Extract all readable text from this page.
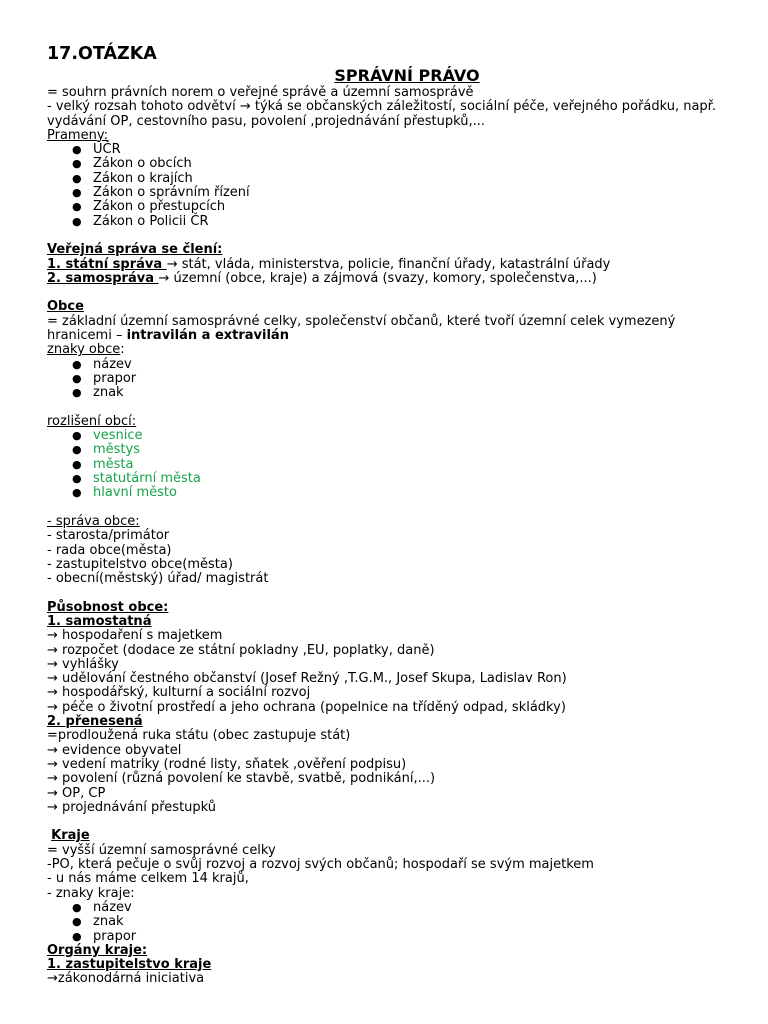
17.OTÁZKA
SPRÁVNÍ PRÁVO
= souhrn právních norem o veřejné správě a územní samosprávě
- velký rozsah tohoto odvětví → týká se občanských záležitostí, sociální péče, veřejného pořádku, např.
vydávání OP, cestovního pasu, povolení ,projednávání přestupků,...
Prameny:
● ÚČR
● Zákon o obcích
● Zákon o krajích
● Zákon o správním řízení
● Zákon o přestupcích
● Zákon o Policii ČR
Veřejná správa se člení:
1. státní správa → stát, vláda, ministerstva, policie, finanční úřady, katastrální úřady
2. samospráva → územní (obce, kraje) a zájmová (svazy, komory, společenstva,...)
Obce
= základní územní samosprávné celky, společenství občanů, které tvoří územní celek vymezený
hranicemi – intravilán a extravilán
znaky obce:
● název
● prapor
● znak
rozlišení obcí:
● vesnice
● městys
● města
● statutární města
● hlavní město
- správa obce:
- starosta/primátor
- rada obce(města)
- zastupitelstvo obce(města)
- obecní(městský) úřad/ magistrát
Působnost obce:
1. samostatná
→ hospodaření s majetkem
→ rozpočet (dodace ze státní pokladny ,EU, poplatky, daně)
→ vyhlášky
→ udělování čestného občanství (Josef Režný ,T.G.M., Josef Skupa, Ladislav Ron)
→ hospodářský, kulturní a sociální rozvoj
→ péče o životní prostředí a jeho ochrana (popelnice na tříděný odpad, skládky)
2. přenesená
=prodloužená ruka státu (obec zastupuje stát)
→ evidence obyvatel
→ vedení matriky (rodné listy, sňatek ,ověření podpisu)
→ povolení (různá povolení ke stavbě, svatbě, podnikání,...)
→ OP, CP
→ projednávání přestupků
Kraje
= vyšší územní samosprávné celky
-PO, která pečuje o svůj rozvoj a rozvoj svých občanů; hospodaří se svým majetkem
- u nás máme celkem 14 krajů,
- znaky kraje:
● název
● znak
● prapor
Orgány kraje:
1. zastupitelstvo kraje
→zákonodárná iniciativa
